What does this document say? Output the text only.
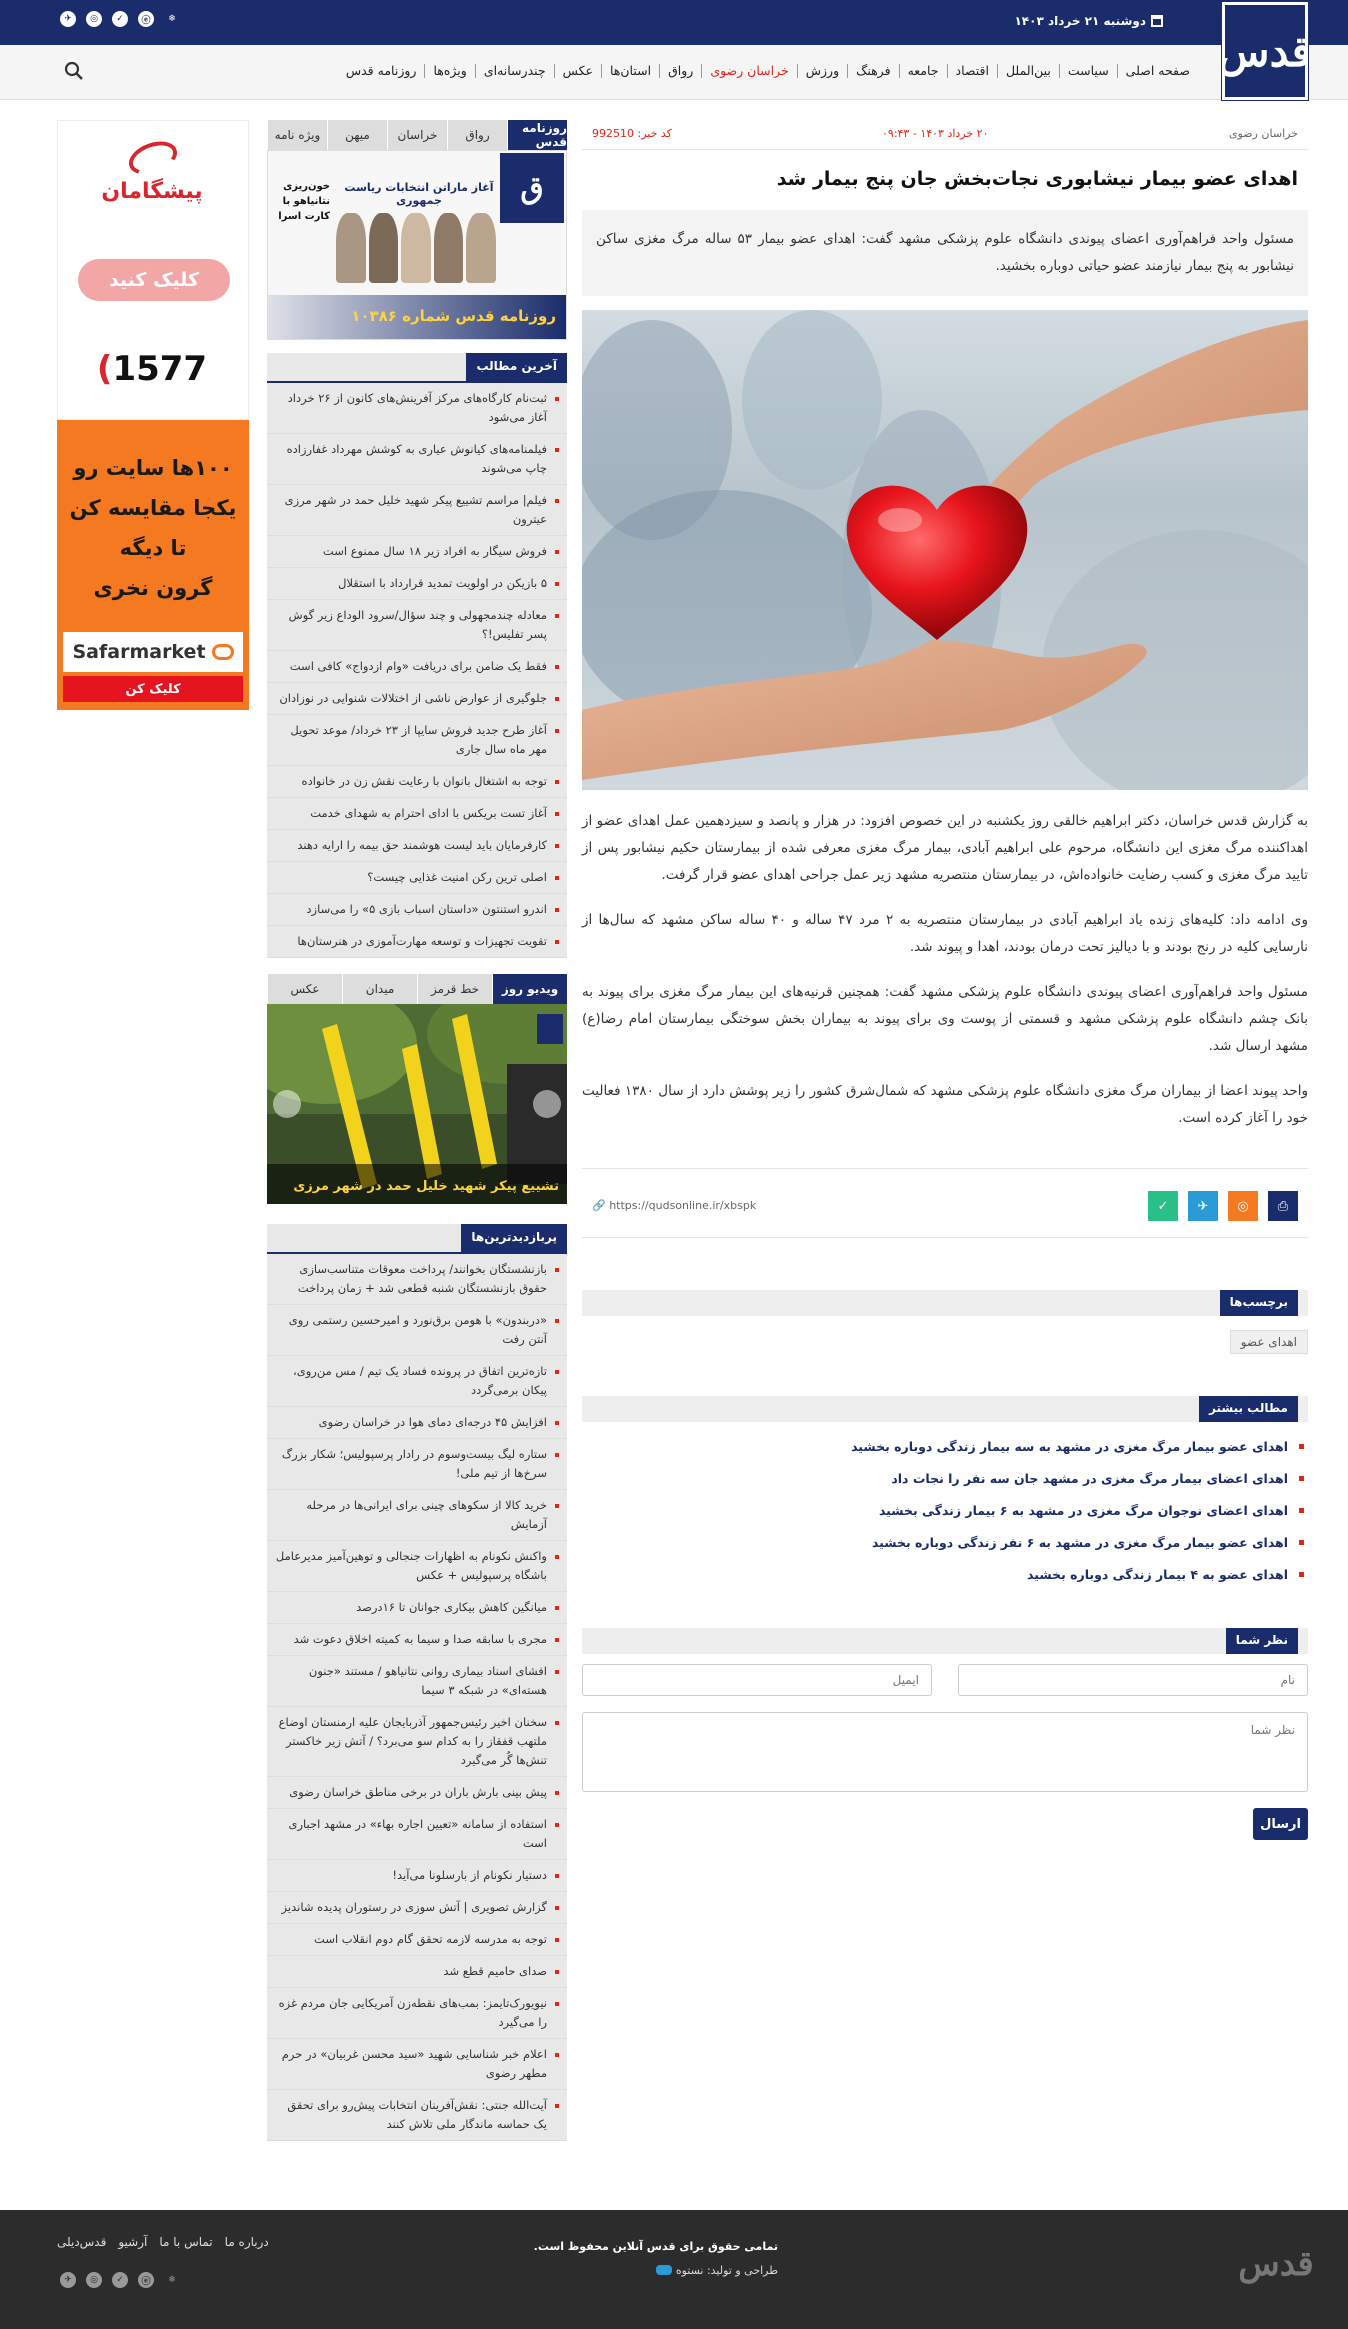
دوشنبه ۲۱ خرداد ۱۴۰۳
✈	◎	✓	ⓔ	❄
قدس
صفحه اصلی
سیاست
بین‌الملل
اقتصاد
جامعه
فرهنگ
ورزش
خراسان رضوی
رواق
استان‌ها
عکس
چندرسانه‌ای
ویژه‌ها
روزنامه قدس
خراسان رضوی
۲۰ خرداد ۱۴۰۳ - ۰۹:۴۳
کد خبر: 992510
اهدای عضو بیمار نیشابوری نجات‌بخش جان پنج بیمار شد
مسئول واحد فراهم‌آوری اعضای پیوندی دانشگاه علوم پزشکی مشهد گفت: اهدای عضو بیمار ۵۳ ساله مرگ مغزی ساکن نیشابور به پنج بیمار نیازمند عضو حیاتی دوباره بخشید.

به گزارش قدس خراسان، دکتر ابراهیم خالقی روز یکشنبه در این خصوص افزود: در هزار و پانصد و سیزدهمین عمل اهدای عضو از اهداکننده مرگ مغزی این دانشگاه، مرحوم علی ابراهیم آبادی، بیمار مرگ مغزی معرفی شده از بیمارستان حکیم نیشابور پس از تایید مرگ مغزی و کسب رضایت خانواده‌اش، در بیمارستان منتصریه مشهد زیر عمل جراحی اهدای عضو قرار گرفت.

وی ادامه داد: کلیه‌های زنده یاد ابراهیم آبادی در بیمارستان منتصریه به ۲ مرد ۴۷ ساله و ۴۰ ساله ساکن مشهد که سال‌ها از نارسایی کلیه در رنج بودند و با دیالیز تحت درمان بودند، اهدا و پیوند شد.

مسئول واحد فراهم‌آوری اعضای پیوندی دانشگاه علوم پزشکی مشهد گفت: همچنین قرنیه‌های این بیمار مرگ مغزی برای پیوند به بانک چشم دانشگاه علوم پزشکی مشهد و قسمتی از پوست وی برای پیوند به بیماران بخش سوختگی بیمارستان امام رضا(ع) مشهد ارسال شد.

واحد پیوند اعضا از بیماران مرگ مغزی دانشگاه علوم پزشکی مشهد که شمال‌شرق کشور را زیر پوشش دارد از سال ۱۳۸۰ فعالیت خود را آغاز کرده است.

⎙
◎
✈
✓
🔗 https://qudsonline.ir/xbspk
برچسب‌ها
اهدای عضو
مطالب بیشتر
اهدای عضو بیمار مرگ مغزی در مشهد به سه بیمار زندگی دوباره بخشید
اهدای اعضای بیمار مرگ مغزی در مشهد جان سه نفر را نجات داد
اهدای اعضای نوجوان مرگ مغزی در مشهد به ۶ بیمار زندگی بخشید
اهدای عضو بیمار مرگ مغزی در مشهد به ۶ نفر زندگی دوباره بخشید
اهدای عضو به ۴ بیمار زندگی دوباره بخشید
نظر شما
نام
ایمیل
نظر شما
ارسال
روزنامه قدس
رواق
خراسان
میهن
ویژه نامه
ق
آغاز ماراتن انتخابات ریاست جمهوری
خون‌ریزی نتانیاهو با کارت اسرا
روزنامه قدس شماره ۱۰۳۸۶
آخرین مطالب
ثبت‌نام کارگاه‌های مرکز آفرینش‌های کانون از ۲۶ خرداد آغاز می‌شود
فیلمنامه‌های کیانوش عیاری به کوشش مهرداد غفارزاده چاپ می‌شوند
فیلم| مراسم تشییع پیکر شهید خلیل حمد در شهر مرزی عیترون
فروش سیگار به افراد زیر ۱۸ سال ممنوع است
۵ بازیکن در اولویت تمدید قرارداد با استقلال
معادله چندمجهولی و چند سؤال/سرود الوداع زیر گوش پسر تفلیس!؟
فقط یک ضامن برای دریافت «وام ازدواج» کافی است
جلوگیری از عوارض ناشی از اختلالات شنوایی در نوزادان
آغاز طرح جدید فروش سایپا از ۲۳ خرداد/ موعد تحویل مهر ماه سال جاری
توجه به اشتغال بانوان با رعایت نقش زن در خانواده
آغاز تست بریکس با ادای احترام به شهدای خدمت
کارفرمایان باید لیست هوشمند حق بیمه را ارایه دهند
اصلی ترین رکن امنیت غذایی چیست؟
اندرو استنتون «داستان اسباب بازی ۵» را می‌سازد
تقویت تجهیزات و توسعه مهارت‌آموزی در هنرستان‌ها
ویدیو روز
خط قرمز
میدان
عکس
تشییع پیکر شهید خلیل حمد در شهر مرزی
پربازدیدترین‌ها
بازنشستگان بخوانند/ پرداخت معوقات متناسب‌سازی حقوق بازنشستگان شنبه قطعی شد + زمان پرداخت
«دربندون» با هومن برق‌نورد و امیرحسین رستمی روی آنتن رفت
تازه‌ترین اتفاق در پرونده فساد یک تیم / مس من‌روی، پیکان برمی‌گردد
افزایش ۴۵ درجه‌ای دمای هوا در خراسان رضوی
ستاره لیگ بیست‌وسوم در رادار پرسپولیس؛ شکار بزرگ سرخ‌ها از تیم ملی!
خرید کالا از سکوهای چینی برای ایرانی‌ها در مرحله آزمایش
واکنش نکونام به اظهارات جنجالی و توهین‌آمیز مدیرعامل باشگاه پرسپولیس + عکس
میانگین کاهش بیکاری جوانان تا ۱۶درصد
مجری با سابقه صدا و سیما به کمیته اخلاق دعوت شد
افشای اسناد بیماری روانی نتانیاهو / مستند «جنون هسته‌ای» در شبکه ۳ سیما
سخنان اخیر رئیس‌جمهور آذربایجان علیه ارمنستان اوضاع ملتهب قفقاز را به کدام سو می‌برد؟ / آتش زیر خاکستر تنش‌ها گُر می‌گیرد
پیش بینی بارش باران در برخی مناطق خراسان رضوی
استفاده از سامانه «تعیین اجاره بهاء» در مشهد اجباری است
دستیار نکونام از بارسلونا می‌آید!
گزارش تصویری | آتش سوزی در رستوران پدیده شاندیز
توجه به مدرسه لازمه تحقق گام دوم انقلاب است
صدای حامیم قطع شد
نیویورک‌تایمز: بمب‌های نقطه‌زن آمریکایی جان مردم غزه را می‌گیرد
اعلام خبر شناسایی شهید «سید محسن غربیان» در حرم مطهر رضوی
آیت‌الله جنتی: نقش‌آفرینان انتخابات پیش‌رو برای تحقق یک حماسه ماندگار ملی تلاش کنند
پیشگامان
کلیک کنید
(1577
۱۰۰ها سایت رو
یکجا مقایسه کن
تا دیگه
گرون نخری
Safarmarket
کلیک کن
قدس
تمامی حقوق برای قدس آنلاین محفوظ است.
طراحی و تولید: نستوه
درباره ما
تماس با ما
آرشیو
قدس‌دیلی
✈	◎	✓	ⓔ	❄
